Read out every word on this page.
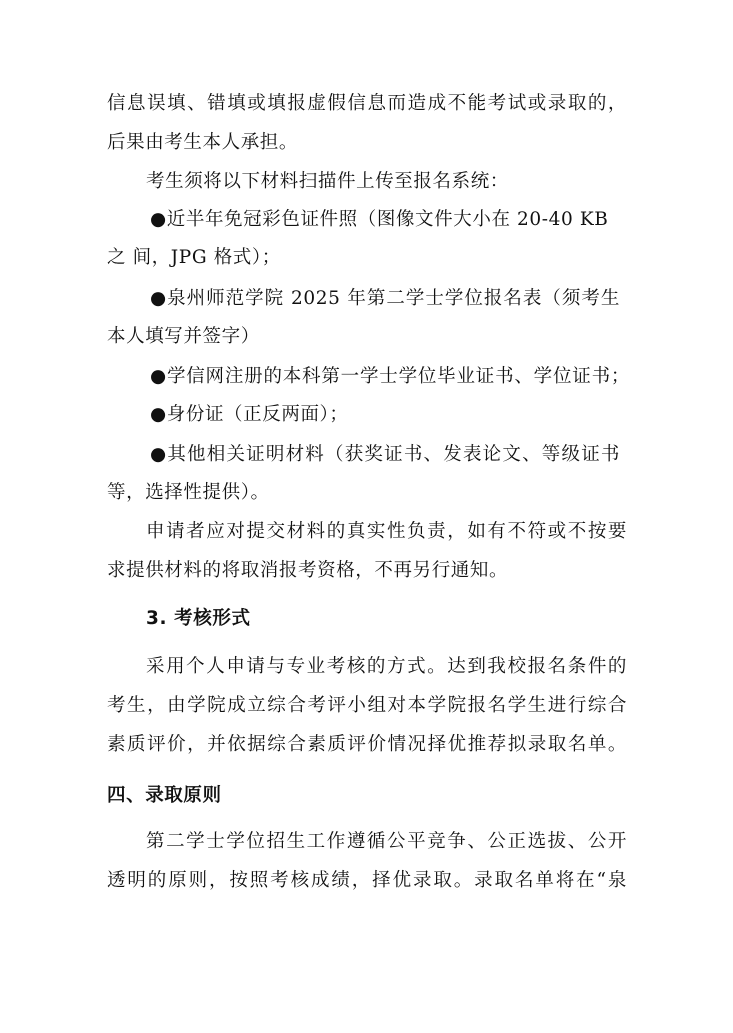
信息误填、错填或填报虚假信息而造成不能考试或录取的，
后果由考生本人承担。
考生须将以下材料扫描件上传至报名系统：
●近半年免冠彩色证件照（图像文件大小在 20-40 KB
之 间，JPG 格式）；
●泉州师范学院 2025 年第二学士学位报名表（须考生
本人填写并签字）
●学信网注册的本科第一学士学位毕业证书、学位证书；
●身份证（正反两面）；
●其他相关证明材料（获奖证书、发表论文、等级证书
等，选择性提供）。
申请者应对提交材料的真实性负责，如有不符或不按要
求提供材料的将取消报考资格，不再另行通知。
3. 考核形式
采用个人申请与专业考核的方式。达到我校报名条件的
考生，由学院成立综合考评小组对本学院报名学生进行综合
素质评价，并依据综合素质评价情况择优推荐拟录取名单。
四、录取原则
第二学士学位招生工作遵循公平竞争、公正选拔、公开
透明的原则，按照考核成绩，择优录取。录取名单将在“泉
